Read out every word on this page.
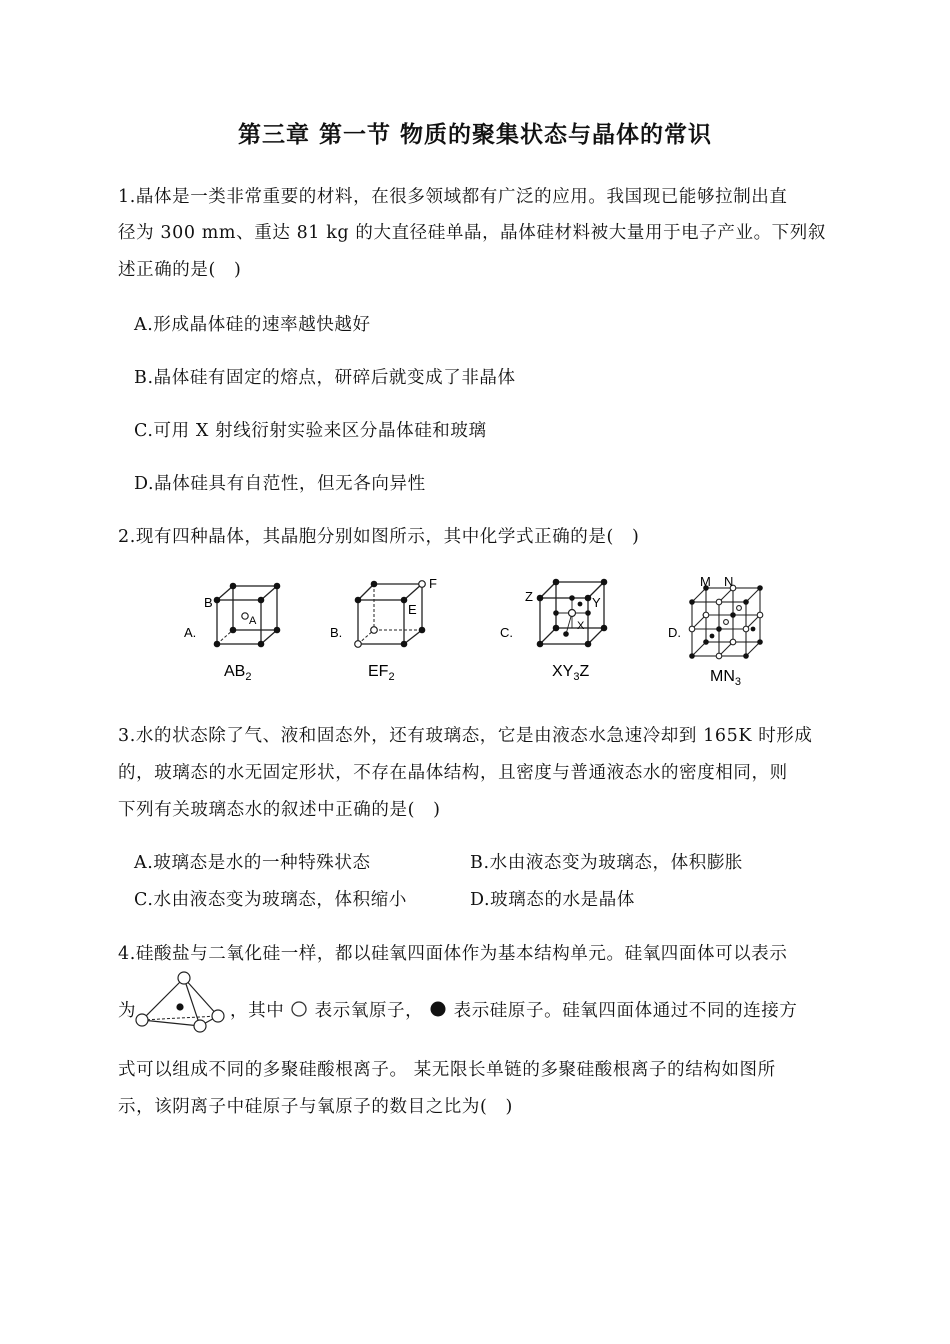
第三章 第一节 物质的聚集状态与晶体的常识
1.晶体是一类非常重要的材料，在很多领域都有广泛的应用。我国现已能够拉制出直
径为 300 mm、重达 81 kg 的大直径硅单晶，晶体硅材料被大量用于电子产业。下列叙
述正确的是(　)
A.形成晶体硅的速率越快越好
B.晶体硅有固定的熔点，研碎后就变成了非晶体
C.可用 X 射线衍射实验来区分晶体硅和玻璃
D.晶体硅具有自范性，但无各向异性
2.现有四种晶体，其晶胞分别如图所示，其中化学式正确的是(　)
A.
B
A
$AB_2$
B.
F
E
$EF_2$
C.
Z	Y
X
$XY_3Z$
D.
M N
$MN_3$
3.水的状态除了气、液和固态外，还有玻璃态，它是由液态水急速冷却到 165K 时形成
的，玻璃态的水无固定形状，不存在晶体结构，且密度与普通液态水的密度相同，则
下列有关玻璃态水的叙述中正确的是(　)
A.玻璃态是水的一种特殊状态	B.水由液态变为玻璃态，体积膨胀
C.水由液态变为玻璃态，体积缩小	D.玻璃态的水是晶体
4.硅酸盐与二氧化硅一样，都以硅氧四面体作为基本结构单元。硅氧四面体可以表示
为	，其中 表示氧原子， 表示硅原子。硅氧四面体通过不同的连接方
式可以组成不同的多聚硅酸根离子。 某无限长单链的多聚硅酸根离子的结构如图所
示，该阴离子中硅原子与氧原子的数目之比为(　)
